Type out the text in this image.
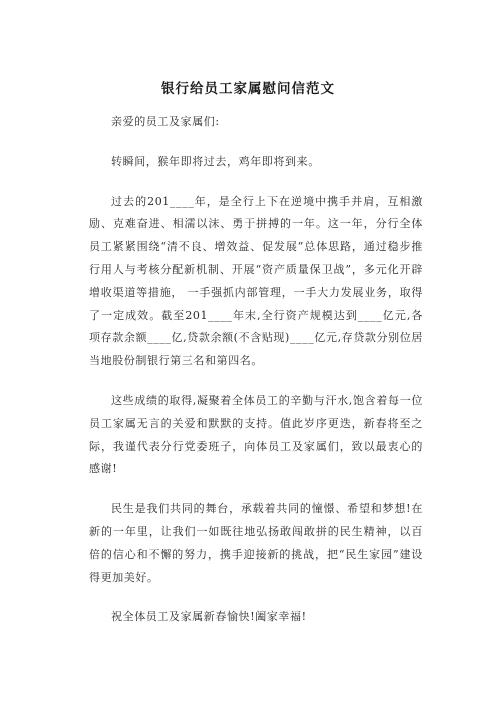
银行给员工家属慰问信范文

亲爱的员工及家属们:

转瞬间，猴年即将过去，鸡年即将到来。

过去的201____年，是全行上下在逆境中携手并肩，互相激励、克难奋进、相濡以沫、勇于拼搏的一年。这一年，分行全体员工紧紧围绕“清不良、增效益、促发展”总体思路，通过稳步推行用人与考核分配新机制、开展“资产质量保卫战”，多元化开辟增收渠道等措施， 一手强抓内部管理，一手大力发展业务，取得了一定成效。截至201____年末,全行资产规模达到____亿元,各项存款余额____亿,贷款余额(不含贴现)____亿元,存贷款分别位居当地股份制银行第三名和第四名。

这些成绩的取得,凝聚着全体员工的辛勤与汗水,饱含着每一位员工家属无言的关爱和默默的支持。值此岁序更迭，新春将至之际，我谨代表分行党委班子，向体员工及家属们，致以最衷心的感谢!

民生是我们共同的舞台，承载着共同的憧憬、希望和梦想!在新的一年里，让我们一如既往地弘扬敢闯敢拼的民生精神，以百倍的信心和不懈的努力，携手迎接新的挑战，把“民生家园”建设得更加美好。

祝全体员工及家属新春愉快!阖家幸福!
